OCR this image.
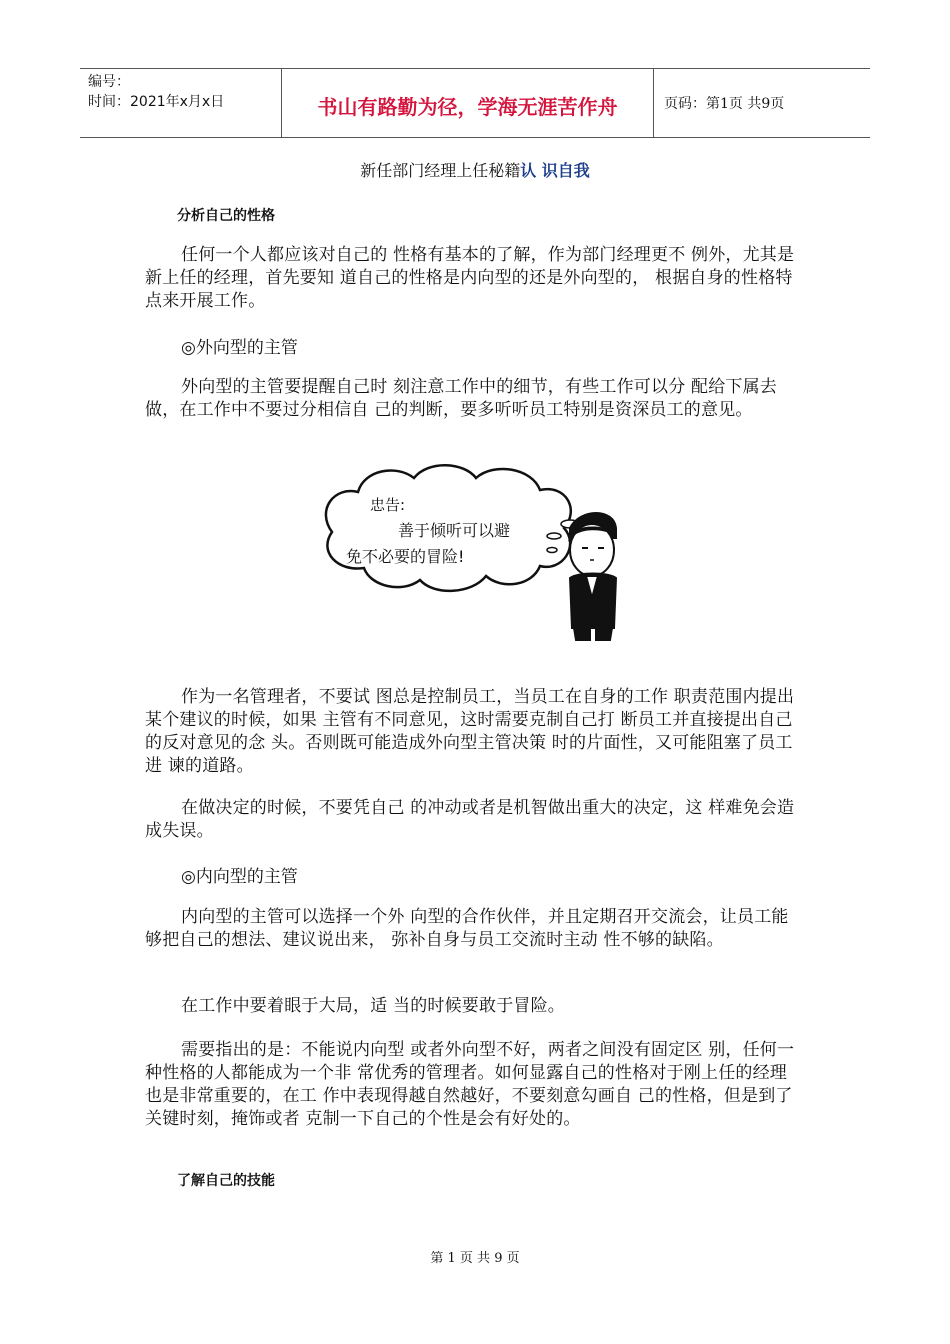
编号：
时间：2021年x月x日	书山有路勤为径，学海无涯苦作舟	页码：第1页 共9页
新任部门经理上任秘籍认 识自我
分析自己的性格

任何一个人都应该对自己的 性格有基本的了解，作为部门经理更不 例外，尤其是新上任的经理，首先要知 道自己的性格是内向型的还是外向型的， 根据自身的性格特点来开展工作。

◎外向型的主管

外向型的主管要提醒自己时 刻注意工作中的细节，有些工作可以分 配给下属去做，在工作中不要过分相信自 己的判断，要多听听员工特别是资深员工的意见。

忠告:
善于倾听可以避
免不必要的冒险!

作为一名管理者，不要试 图总是控制员工，当员工在自身的工作 职责范围内提出某个建议的时候，如果 主管有不同意见，这时需要克制自己打 断员工并直接提出自己的反对意见的念 头。否则既可能造成外向型主管决策 时的片面性，又可能阻塞了员工进 谏的道路。

在做决定的时候，不要凭自己 的冲动或者是机智做出重大的决定，这 样难免会造成失误。

◎内向型的主管

内向型的主管可以选择一个外 向型的合作伙伴，并且定期召开交流会，让员工能够把自己的想法、建议说出来， 弥补自身与员工交流时主动 性不够的缺陷。

在工作中要着眼于大局，适 当的时候要敢于冒险。

需要指出的是：不能说内向型 或者外向型不好，两者之间没有固定区 别，任何一种性格的人都能成为一个非 常优秀的管理者。如何显露自己的性格对于刚上任的经理也是非常重要的，在工 作中表现得越自然越好，不要刻意勾画自 己的性格，但是到了关键时刻，掩饰或者 克制一下自己的个性是会有好处的。

了解自己的技能
第 1 页 共 9 页
